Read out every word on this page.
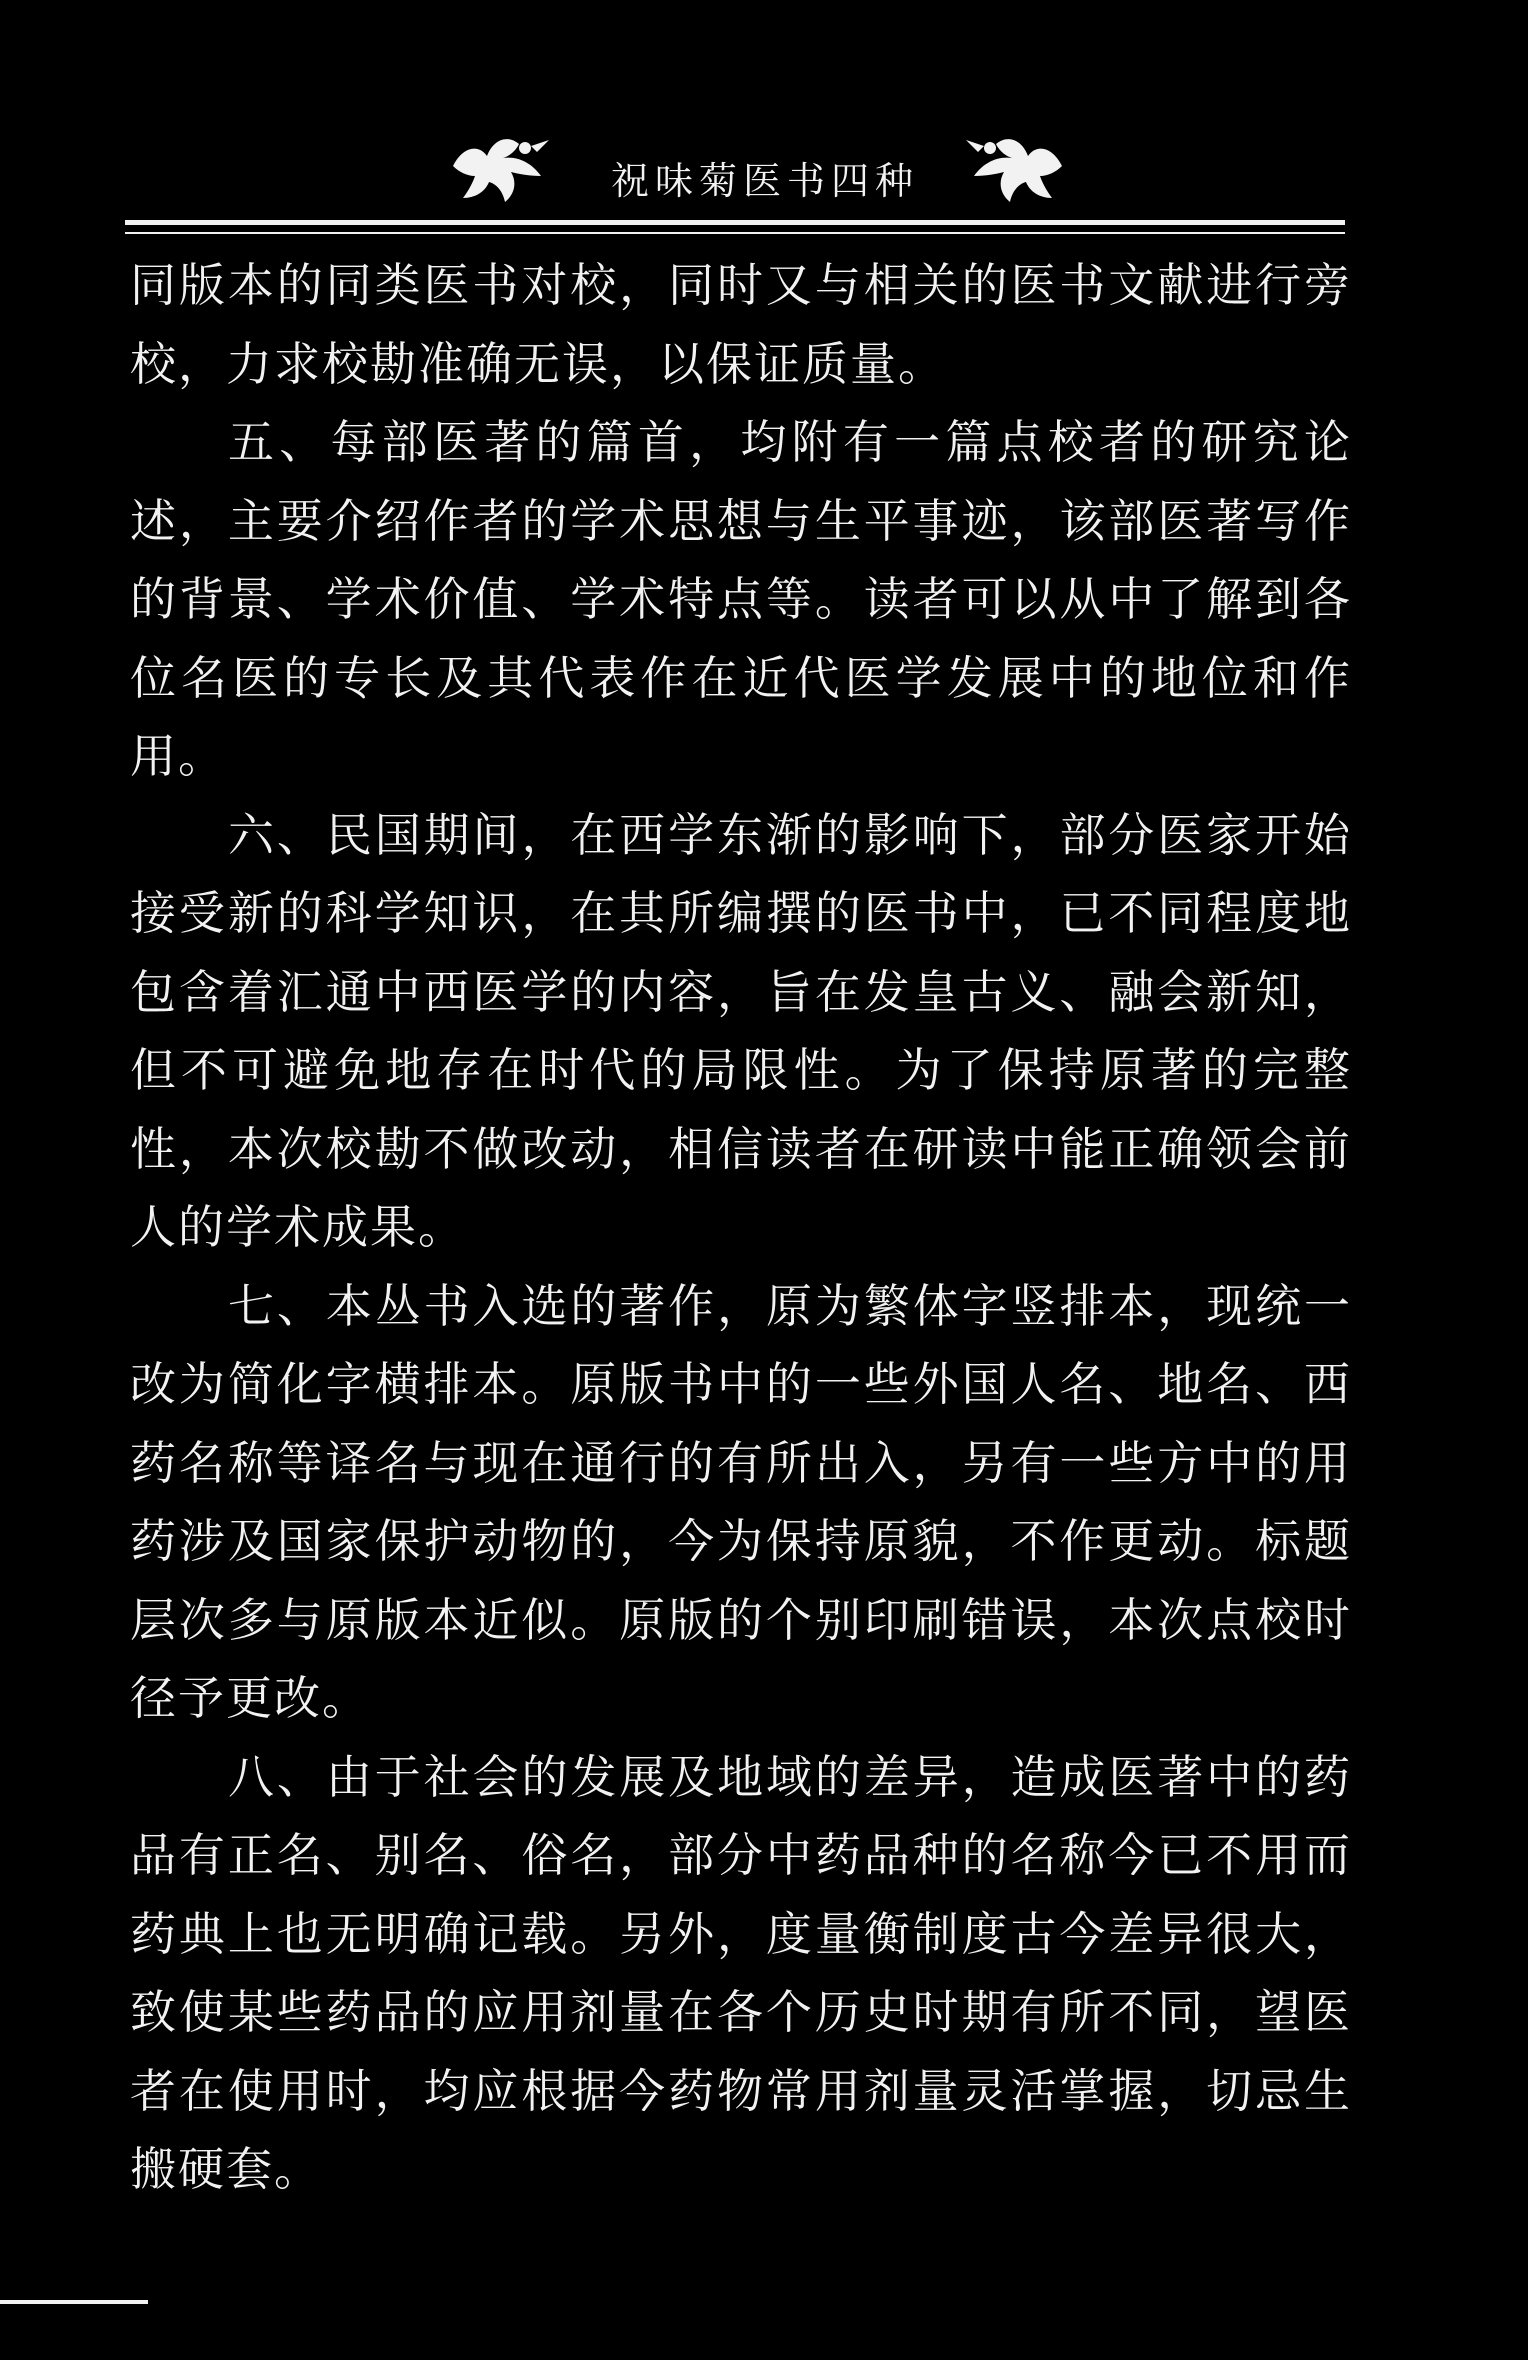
祝味菊医书四种

同版本的同类医书对校，同时又与相关的医书文献进行旁校，力求校勘准确无误，以保证质量。

五、每部医著的篇首，均附有一篇点校者的研究论述，主要介绍作者的学术思想与生平事迹，该部医著写作的背景、学术价值、学术特点等。读者可以从中了解到各位名医的专长及其代表作在近代医学发展中的地位和作用。

六、民国期间，在西学东渐的影响下，部分医家开始接受新的科学知识，在其所编撰的医书中，已不同程度地包含着汇通中西医学的内容，旨在发皇古义、融会新知，但不可避免地存在时代的局限性。为了保持原著的完整性，本次校勘不做改动，相信读者在研读中能正确领会前人的学术成果。

七、本丛书入选的著作，原为繁体字竖排本，现统一改为简化字横排本。原版书中的一些外国人名、地名、西药名称等译名与现在通行的有所出入，另有一些方中的用药涉及国家保护动物的，今为保持原貌，不作更动。标题层次多与原版本近似。原版的个别印刷错误，本次点校时径予更改。

八、由于社会的发展及地域的差异，造成医著中的药品有正名、别名、俗名，部分中药品种的名称今已不用而药典上也无明确记载。另外，度量衡制度古今差异很大，致使某些药品的应用剂量在各个历史时期有所不同，望医者在使用时，均应根据今药物常用剂量灵活掌握，切忌生搬硬套。
